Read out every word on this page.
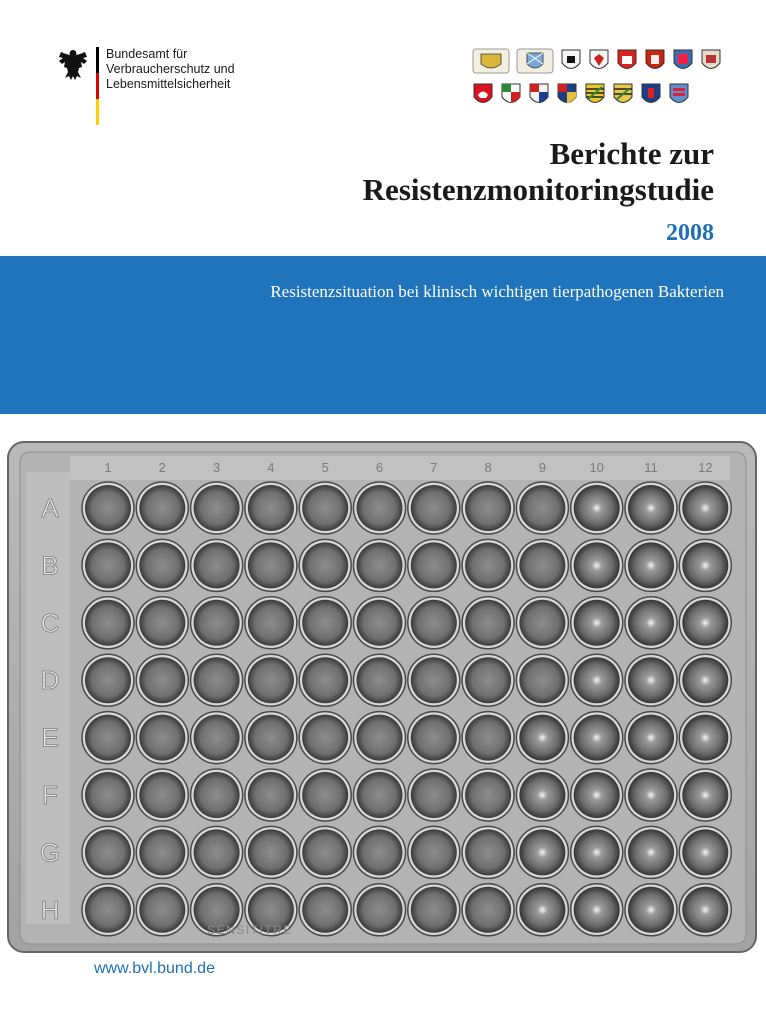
Bundesamt für
Verbraucherschutz und
Lebensmittelsicherheit
Berichte zur
Resistenzmonitoringstudie
2008
Resistenzsituation bei klinisch wichtigen tierpathogenen Bakterien
1	2	3	4	5	6	7	8	9	10	11	12
A
B
C
D
E
F
G
H
SENSITITRE
www.bvl.bund.de
